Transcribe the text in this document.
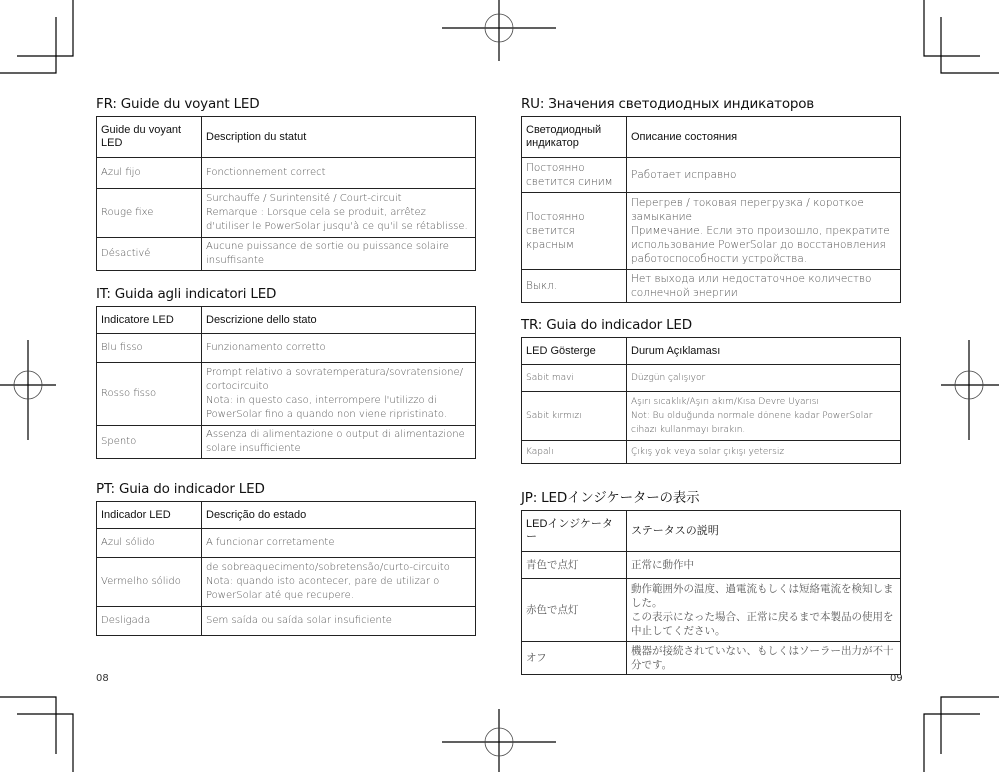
FR: Guide du voyant LED
Guide du voyant LED	Description du statut
Azul fijo	Fonctionnement correct

Rouge fixe	Surchauffe / Surintensité / Court-circuit
Remarque : Lorsque cela se produit, arrêtez d'utiliser le PowerSolar jusqu'à ce qu'il se rétablisse.

Désactivé	Aucune puissance de sortie ou puissance solaire insuffisante
IT: Guida agli indicatori LED
Indicatore LED	Descrizione dello stato
Blu fisso	Funzionamento corretto

Rosso fisso	Prompt relativo a sovratemperatura/sovratensione/ cortocircuito
Nota: in questo caso, interrompere l'utilizzo di PowerSolar fino a quando non viene ripristinato.

Spento	Assenza di alimentazione o output di alimentazione solare insufficiente
PT: Guia do indicador LED
Indicador LED	Descrição do estado
Azul sólido	A funcionar corretamente

Vermelho sólido	de sobreaquecimento/sobretensão/curto-circuito
Nota: quando isto acontecer, pare de utilizar o PowerSolar até que recupere.

Desligada	Sem saída ou saída solar insuficiente
RU: Значения светодиодных индикаторов
Светодиодный индикатор	Описание состояния
Постоянно светится синим	Работает исправно

Постоянно светится красным	Перегрев / токовая перегрузка / короткое замыкание
Примечание. Если это произошло, прекратите использование PowerSolar до восстановления работоспособности устройства.

Выкл.	Нет выхода или недостаточное количество солнечной энергии
TR: Guia do indicador LED
LED Gösterge	Durum Açıklaması
Sabit mavi	Düzgün çalışıyor

Sabit kırmızı	Aşırı sıcaklık/Aşırı akım/Kısa Devre Uyarısı
Not: Bu olduğunda normale dönene kadar PowerSolar cihazı kullanmayı bırakın.

Kapalı	Çıkış yok veya solar çıkışı yetersiz
JP: LEDインジケーターの表示
LEDインジケーター	ステータスの説明
青色で点灯	正常に動作中

赤色で点灯	動作範囲外の温度、過電流もしくは短絡電流を検知しました。
この表示になった場合、正常に戻るまで本製品の使用を中止してください。

オフ	機器が接続されていない、もしくはソーラー出力が不十分です。
08	09
